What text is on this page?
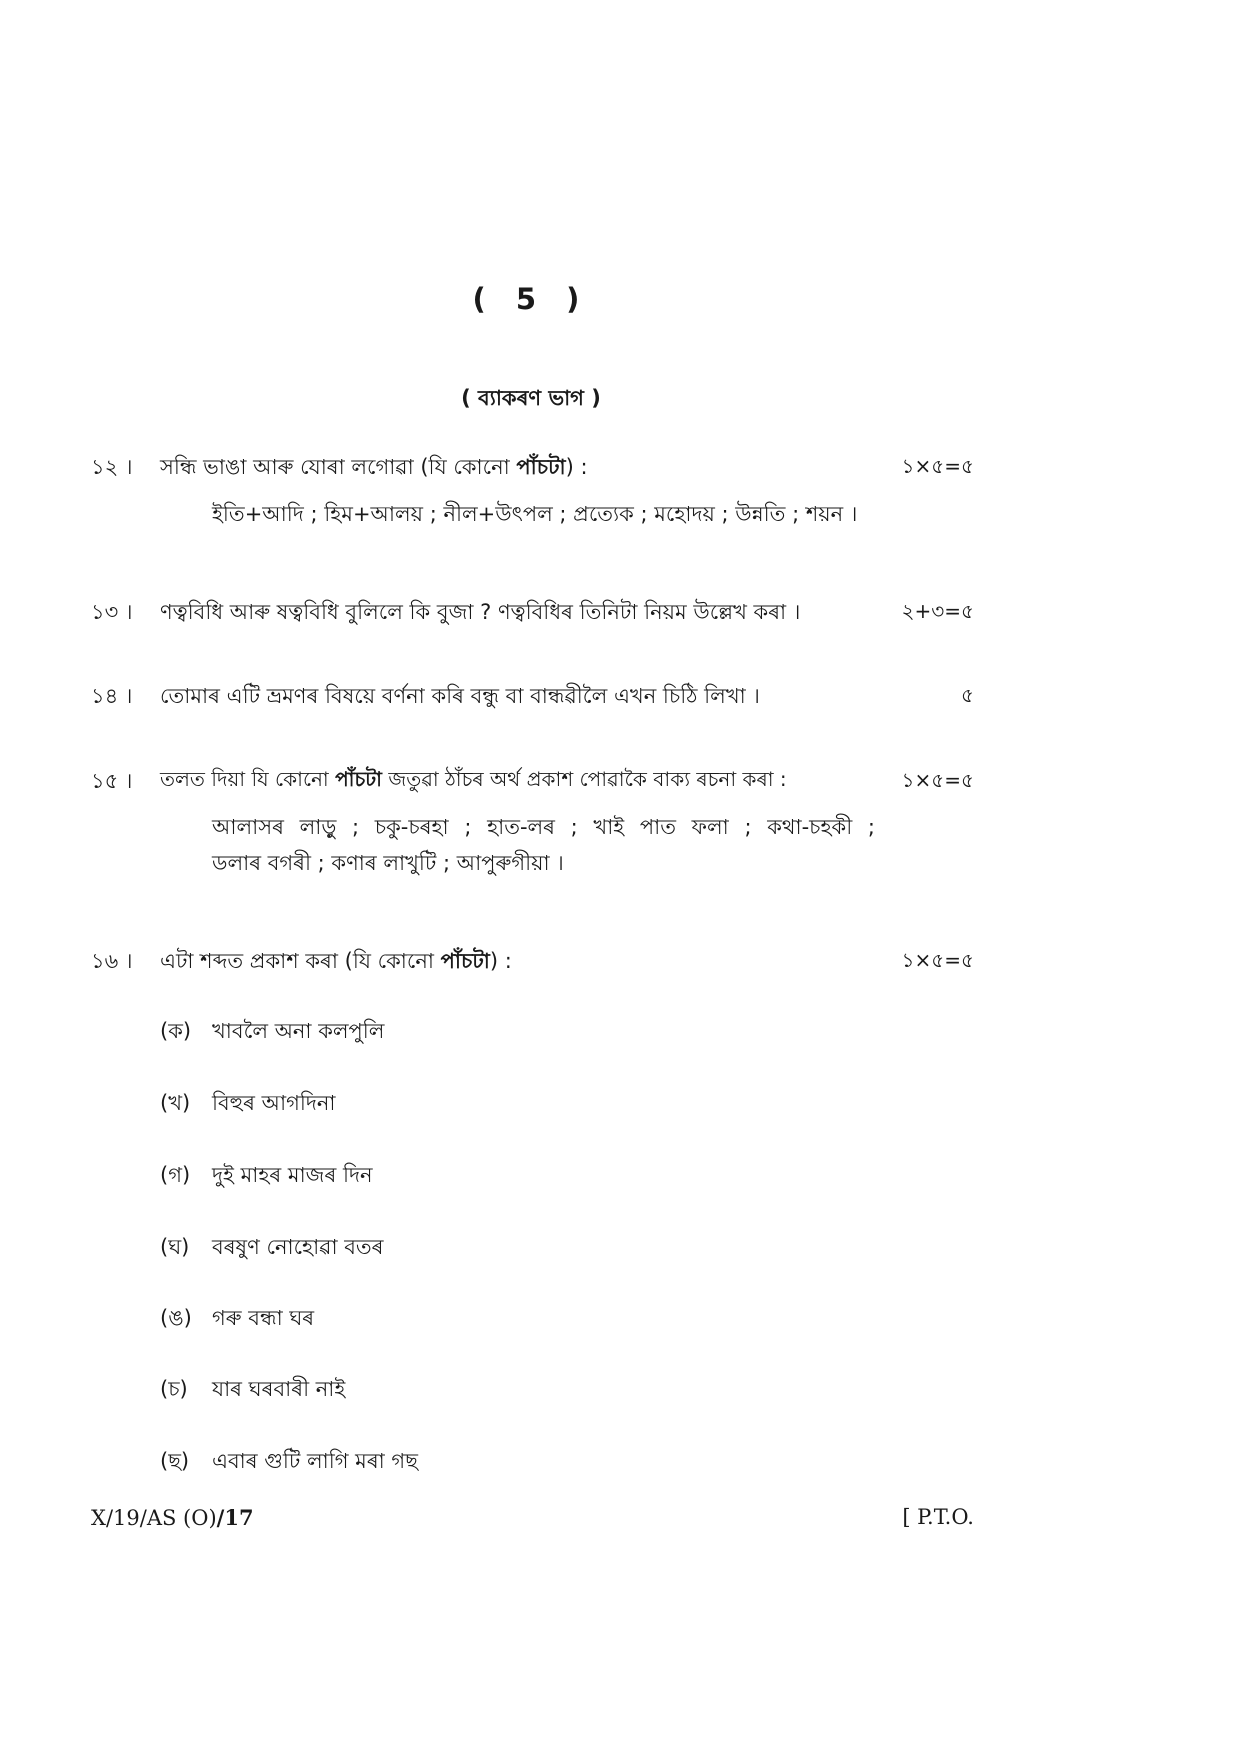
( 5 )
( ব্যাকৰণ ভাগ )
১২ । সন্ধি ভাঙা আৰু যোৰা লগোৱা (যি কোনো পাঁচটা) :	১×৫=৫
ইতি+আদি ; হিম+আলয় ; নীল+উৎপল ; প্ৰত্যেক ; মহোদয় ; উন্নতি ; শয়ন ।
১৩ । ণত্ববিধি আৰু ষত্ববিধি বুলিলে কি বুজা ? ণত্ববিধিৰ তিনিটা নিয়ম উল্লেখ কৰা ।	২+৩=৫
১৪ । তোমাৰ এটি ভ্ৰমণৰ বিষয়ে বৰ্ণনা কৰি বন্ধু বা বান্ধৱীলৈ এখন চিঠি লিখা ।	৫
১৫ । তলত দিয়া যি কোনো পাঁচটা জতুৱা ঠাঁচৰ অৰ্থ প্ৰকাশ পোৱাকৈ বাক্য ৰচনা কৰা :	১×৫=৫
আলাসৰ লাড়ু ; চকু-চৰহা ; হাত-লৰ ; খাই পাত ফলা ; কথা-চহকী ;
ডলাৰ বগৰী ; কণাৰ লাখুটি ; আপুৰুগীয়া ।
১৬ । এটা শব্দত প্ৰকাশ কৰা (যি কোনো পাঁচটা) :	১×৫=৫
(ক) খাবলৈ অনা কলপুলি
(খ) বিহুৰ আগদিনা
(গ) দুই মাহৰ মাজৰ দিন
(ঘ) বৰষুণ নোহোৱা বতৰ
(ঙ) গৰু বন্ধা ঘৰ
(চ) যাৰ ঘৰবাৰী নাই
(ছ) এবাৰ গুটি লাগি মৰা গছ
X/19/AS (O)/17	[ P.T.O.
